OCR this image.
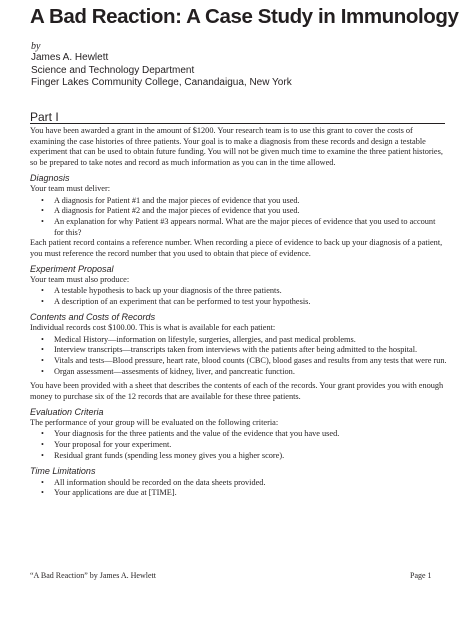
A Bad Reaction: A Case Study in Immunology
by
James A. Hewlett
Science and Technology Department
Finger Lakes Community College, Canandaigua, New York
Part I

You have been awarded a grant in the amount of $1200. Your research team is to use this grant to cover the costs of examining the case histories of three patients. Your goal is to make a diagnosis from these records and design a testable experiment that can be used to obtain future funding. You will not be given much time to examine the three patient histories, so be prepared to take notes and record as much information as you can in the time allowed.

Diagnosis

Your team must deliver:

• A diagnosis for Patient #1 and the major pieces of evidence that you used.
• A diagnosis for Patient #2 and the major pieces of evidence that you used.
• An explanation for why Patient #3 appears normal. What are the major pieces of evidence that you used to account for this?

Each patient record contains a reference number. When recording a piece of evidence to back up your diagnosis of a patient, you must reference the record number that you used to obtain that piece of evidence.

Experiment Proposal

Your team must also produce:

• A testable hypothesis to back up your diagnosis of the three patients.
• A description of an experiment that can be performed to test your hypothesis.
Contents and Costs of Records

Individual records cost $100.00. This is what is available for each patient:

• Medical History—information on lifestyle, surgeries, allergies, and past medical problems.
• Interview transcripts—transcripts taken from interviews with the patients after being admitted to the hospital.
• Vitals and tests—Blood pressure, heart rate, blood counts (CBC), blood gases and results from any tests that were run.
• Organ assessment—assesments of kidney, liver, and pancreatic function.

You have been provided with a sheet that describes the contents of each of the records. Your grant provides you with enough money to purchase six of the 12 records that are available for these three patients.

Evaluation Criteria

The performance of your group will be evaluated on the following criteria:

• Your diagnosis for the three patients and the value of the evidence that you have used.
• Your proposal for your experiment.
• Residual grant funds (spending less money gives you a higher score).
Time Limitations
• All information should be recorded on the data sheets provided.
• Your applications are due at [TIME].
“A Bad Reaction” by James A. Hewlett	Page 1
